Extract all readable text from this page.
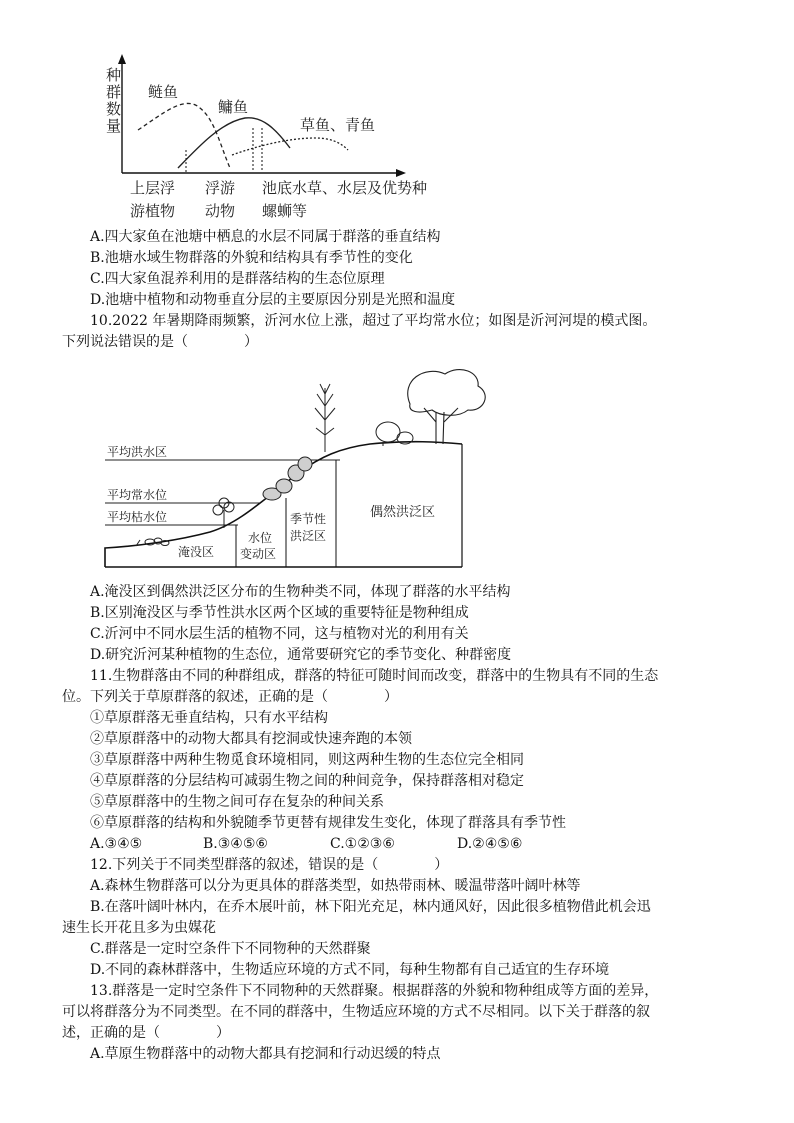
种
群
数
量
鲢鱼
鳙鱼
草鱼、青鱼
上层浮
游植物
浮游
动物
池底水草、水层及优势种
螺蛳等
A.四大家鱼在池塘中栖息的水层不同属于群落的垂直结构
B.池塘水域生物群落的外貌和结构具有季节性的变化
C.四大家鱼混养利用的是群落结构的生态位原理
D.池塘中植物和动物垂直分层的主要原因分别是光照和温度
10.2022 年暑期降雨频繁，沂河水位上涨，超过了平均常水位；如图是沂河河堤的模式图。
下列说法错误的是（　　　　）
平均洪水区
平均常水位
平均枯水位
淹没区
水位
变动区
季节性
洪泛区
偶然洪泛区
A.淹没区到偶然洪泛区分布的生物种类不同，体现了群落的水平结构
B.区别淹没区与季节性洪水区两个区域的重要特征是物种组成
C.沂河中不同水层生活的植物不同，这与植物对光的利用有关
D.研究沂河某种植物的生态位，通常要研究它的季节变化、种群密度
11.生物群落由不同的种群组成，群落的特征可随时间而改变，群落中的生物具有不同的生态
位。下列关于草原群落的叙述，正确的是（　　　　）
①草原群落无垂直结构，只有水平结构
②草原群落中的动物大都具有挖洞或快速奔跑的本领
③草原群落中两种生物觅食环境相同，则这两种生物的生态位完全相同
④草原群落的分层结构可减弱生物之间的种间竞争，保持群落相对稳定
⑤草原群落中的生物之间可存在复杂的种间关系
⑥草原群落的结构和外貌随季节更替有规律发生变化，体现了群落具有季节性
A.③④⑤	B.③④⑤⑥	C.①②③⑥	D.②④⑤⑥
12.下列关于不同类型群落的叙述，错误的是（　　　　）
A.森林生物群落可以分为更具体的群落类型，如热带雨林、暖温带落叶阔叶林等
B.在落叶阔叶林内，在乔木展叶前，林下阳光充足，林内通风好，因此很多植物借此机会迅
速生长开花且多为虫媒花
C.群落是一定时空条件下不同物种的天然群聚
D.不同的森林群落中，生物适应环境的方式不同，每种生物都有自己适宜的生存环境
13.群落是一定时空条件下不同物种的天然群聚。根据群落的外貌和物种组成等方面的差异，
可以将群落分为不同类型。在不同的群落中，生物适应环境的方式不尽相同。以下关于群落的叙
述，正确的是（　　　　）
A.草原生物群落中的动物大都具有挖洞和行动迟缓的特点
